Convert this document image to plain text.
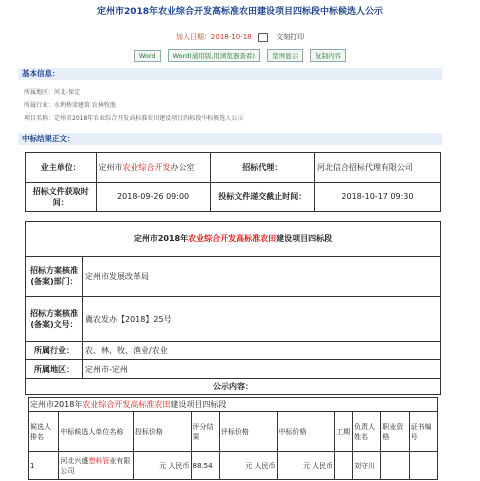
定州市2018年农业综合开发高标准农田建设项目四标段中标候选人公示
加入日期：2018-10-18	文刻打印
Word	Word(通用版,用浏览器查看)	宽屏显示	复制内容
基本信息：
所属地区：河北-保定
所属行业：水利桥梁建筑 农林牧渔
项目名称：定州市2018年农业综合开发高标准农田建设项目四标段中标候选人公示
中标结果正文：
业主单位：	定州市农业综合开发办公室	招标代理：	河北信合招标代理有限公司
招标文件获取时间：	2018-09-26 09:00	投标文件递交截止时间：	2018-10-17 09:30
定州市2018年农业综合开发高标准农田建设项目四标段	
招标方案核准(备案)部门：	定州市发展改革局
招标方案核准(备案)文号：	冀农发办【2018】25号
所属行业：	农、林、牧、渔业/农业
所属地区：	定州市-定州
公示内容：	
定州市2018年农业综合开发高标准农田建设项目四标段									
候选人排名	中标候选人单位名称	投标价格	评分结果	评标价格	中标价格	工期	负责人姓名	职业资格	证书编号
1	河北兴盛塑料管业有限公司	元 人民币	88.54	元 人民币	元 人民币		刘守川		
